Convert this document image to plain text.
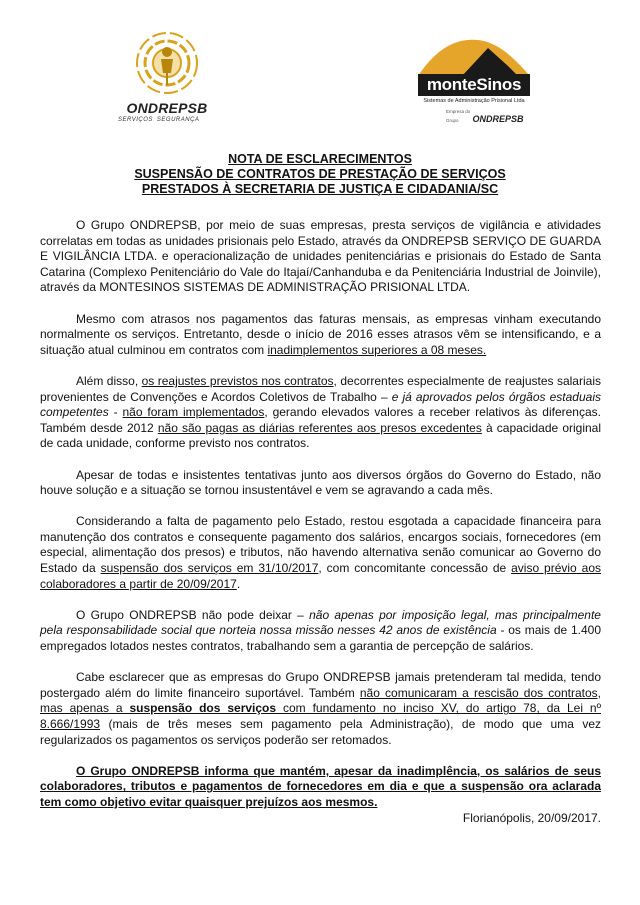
ONDREPSB
SERVIÇOS SEGURANÇA
monteSinos
Sistemas de Administração Prisional Ltda
Empresa do Grupo ONDREPSB
NOTA DE ESCLARECIMENTOS
SUSPENSÃO DE CONTRATOS DE PRESTAÇÃO DE SERVIÇOS
PRESTADOS À SECRETARIA DE JUSTIÇA E CIDADANIA/SC

O Grupo ONDREPSB, por meio de suas empresas, presta serviços de vigilância e atividades correlatas em todas as unidades prisionais pelo Estado, através da ONDREPSB SERVIÇO DE GUARDA E VIGILÂNCIA LTDA. e operacionalização de unidades penitenciárias e prisionais do Estado de Santa Catarina (Complexo Penitenciário do Vale do Itajaí/Canhanduba e da Penitenciária Industrial de Joinvile), através da MONTESINOS SISTEMAS DE ADMINISTRAÇÃO PRISIONAL LTDA.

Mesmo com atrasos nos pagamentos das faturas mensais, as empresas vinham executando normalmente os serviços. Entretanto, desde o início de 2016 esses atrasos vêm se intensificando, e a situação atual culminou em contratos com inadimplementos superiores a 08 meses.

Além disso, os reajustes previstos nos contratos, decorrentes especialmente de reajustes salariais provenientes de Convenções e Acordos Coletivos de Trabalho – e já aprovados pelos órgãos estaduais competentes - não foram implementados, gerando elevados valores a receber relativos às diferenças. Também desde 2012 não são pagas as diárias referentes aos presos excedentes à capacidade original de cada unidade, conforme previsto nos contratos.

Apesar de todas e insistentes tentativas junto aos diversos órgãos do Governo do Estado, não houve solução e a situação se tornou insustentável e vem se agravando a cada mês.

Considerando a falta de pagamento pelo Estado, restou esgotada a capacidade financeira para manutenção dos contratos e consequente pagamento dos salários, encargos sociais, fornecedores (em especial, alimentação dos presos) e tributos, não havendo alternativa senão comunicar ao Governo do Estado da suspensão dos serviços em 31/10/2017, com concomitante concessão de aviso prévio aos colaboradores a partir de 20/09/2017.

O Grupo ONDREPSB não pode deixar – não apenas por imposição legal, mas principalmente pela responsabilidade social que norteia nossa missão nesses 42 anos de existência - os mais de 1.400 empregados lotados nestes contratos, trabalhando sem a garantia de percepção de salários.

Cabe esclarecer que as empresas do Grupo ONDREPSB jamais pretenderam tal medida, tendo postergado além do limite financeiro suportável. Também não comunicaram a rescisão dos contratos, mas apenas a suspensão dos serviços com fundamento no inciso XV, do artigo 78, da Lei nº 8.666/1993 (mais de três meses sem pagamento pela Administração), de modo que uma vez regularizados os pagamentos os serviços poderão ser retomados.

O Grupo ONDREPSB informa que mantém, apesar da inadimplência, os salários de seus colaboradores, tributos e pagamentos de fornecedores em dia e que a suspensão ora aclarada tem como objetivo evitar quaisquer prejuízos aos mesmos.

Florianópolis, 20/09/2017.
